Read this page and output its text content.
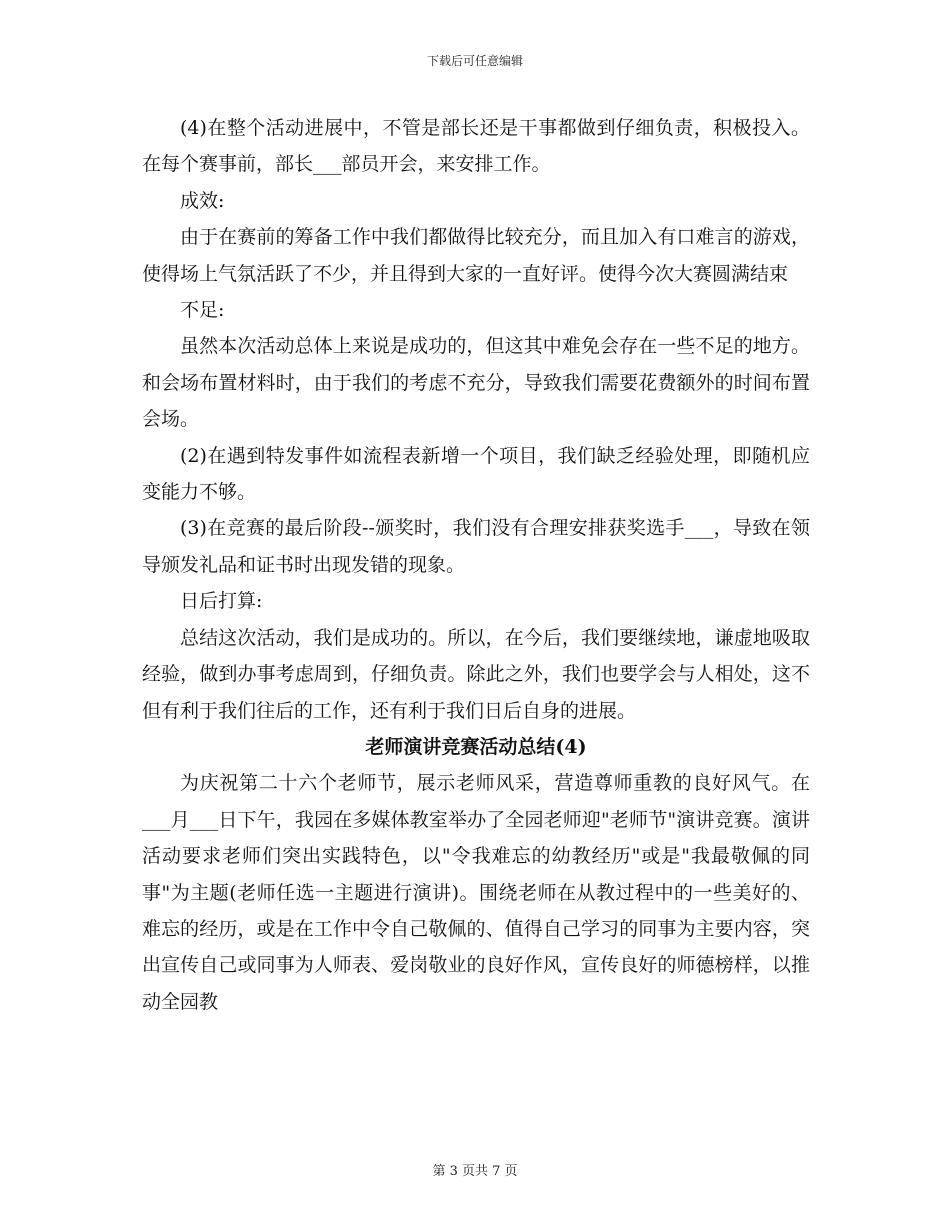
下载后可任意编辑

(4)在整个活动进展中，不管是部长还是干事都做到仔细负责，积极投入。在每个赛事前，部长___部员开会，来安排工作。

成效:

由于在赛前的筹备工作中我们都做得比较充分，而且加入有口难言的游戏，使得场上气氛活跃了不少，并且得到大家的一直好评。使得今次大赛圆满结束

不足:

虽然本次活动总体上来说是成功的，但这其中难免会存在一些不足的地方。和会场布置材料时，由于我们的考虑不充分，导致我们需要花费额外的时间布置会场。

(2)在遇到特发事件如流程表新增一个项目，我们缺乏经验处理，即随机应变能力不够。

(3)在竞赛的最后阶段--颁奖时，我们没有合理安排获奖选手___，导致在领导颁发礼品和证书时出现发错的现象。

日后打算:

总结这次活动，我们是成功的。所以，在今后，我们要继续地，谦虚地吸取经验，做到办事考虑周到，仔细负责。除此之外，我们也要学会与人相处，这不但有利于我们往后的工作，还有利于我们日后自身的进展。

老师演讲竞赛活动总结(4)

为庆祝第二十六个老师节，展示老师风采，营造尊师重教的良好风气。在___月___日下午，我园在多媒体教室举办了全园老师迎"老师节"演讲竞赛。演讲活动要求老师们突出实践特色，以"令我难忘的幼教经历"或是"我最敬佩的同事"为主题(老师任选一主题进行演讲)。围绕老师在从教过程中的一些美好的、难忘的经历，或是在工作中令自己敬佩的、值得自己学习的同事为主要内容，突出宣传自己或同事为人师表、爱岗敬业的良好作风，宣传良好的师德榜样，以推动全园教

第 3 页共 7 页
